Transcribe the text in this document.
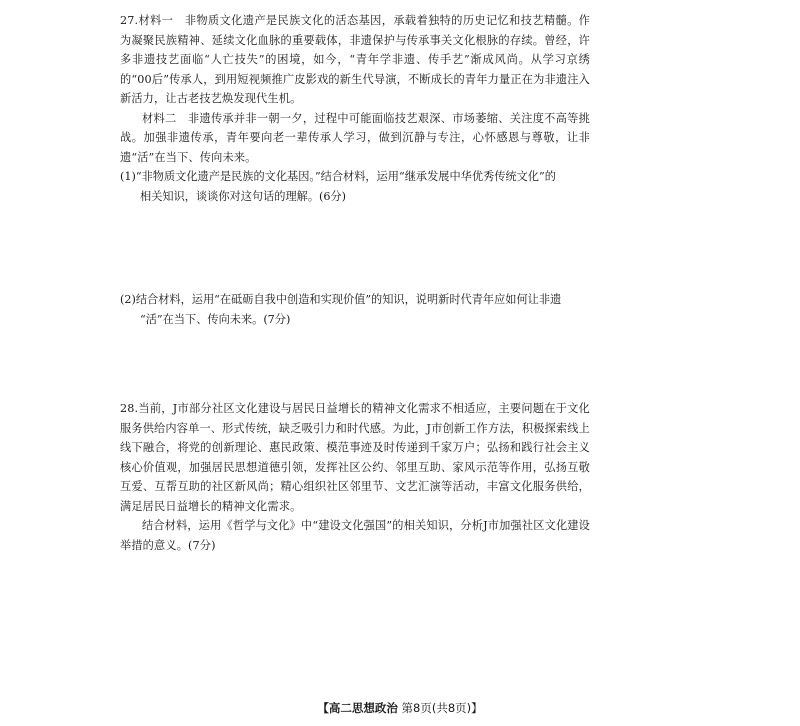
27.材料一　非物质文化遗产是民族文化的活态基因，承载着独特的历史记忆和技艺精髓。作为凝聚民族精神、延续文化血脉的重要载体，非遗保护与传承事关文化根脉的存续。曾经，许多非遗技艺面临“人亡技失”的困境，如今，“青年学非遗、传手艺”渐成风尚。从学习京绣的“00后”传承人，到用短视频推广皮影戏的新生代导演，不断成长的青年力量正在为非遗注入新活力，让古老技艺焕发现代生机。

材料二　非遗传承并非一朝一夕，过程中可能面临技艺艰深、市场萎缩、关注度不高等挑战。加强非遗传承，青年要向老一辈传承人学习，做到沉静与专注，心怀感恩与尊敬，让非遗“活”在当下、传向未来。

(1)“非物质文化遗产是民族的文化基因。”结合材料，运用“继承发展中华优秀传统文化”的
相关知识，谈谈你对这句话的理解。(6分)

(2)结合材料，运用“在砥砺自我中创造和实现价值”的知识，说明新时代青年应如何让非遗
“活”在当下、传向未来。(7分)

28.当前，J市部分社区文化建设与居民日益增长的精神文化需求不相适应，主要问题在于文化服务供给内容单一、形式传统，缺乏吸引力和时代感。为此，J市创新工作方法，积极探索线上线下融合，将党的创新理论、惠民政策、模范事迹及时传递到千家万户；弘扬和践行社会主义核心价值观，加强居民思想道德引领，发挥社区公约、邻里互助、家风示范等作用，弘扬互敬互爱、互帮互助的社区新风尚；精心组织社区邻里节、文艺汇演等活动，丰富文化服务供给，满足居民日益增长的精神文化需求。

结合材料，运用《哲学与文化》中“建设文化强国”的相关知识，分析J市加强社区文化建设举措的意义。(7分)

【高二思想政治 第8页(共8页)】
